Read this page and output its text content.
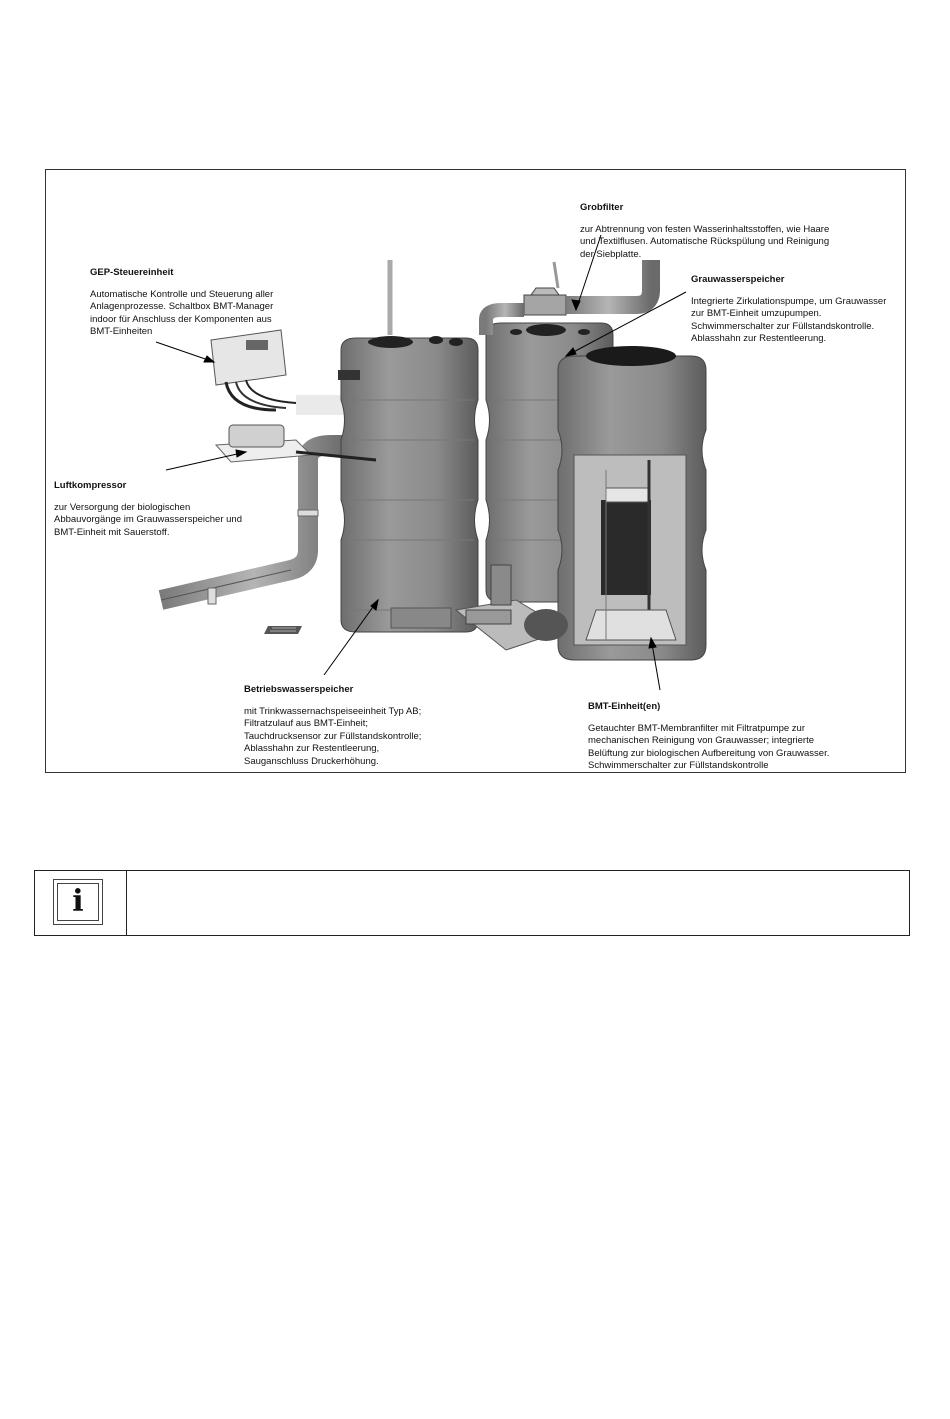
Grobfilter
zur Abtrennung von festen Wasserinhaltsstoffen, wie Haare
und Textilflusen. Automatische Rückspülung und Reinigung
der Siebplatte.
GEP-Steuereinheit
Automatische Kontrolle und Steuerung aller
Anlagenprozesse. Schaltbox BMT-Manager
indoor für Anschluss der Komponenten aus
BMT-Einheiten
Grauwasserspeicher
Integrierte Zirkulationspumpe, um Grauwasser
zur BMT-Einheit umzupumpen.
Schwimmerschalter zur Füllstandskontrolle.
Ablasshahn zur Restentleerung.
Luftkompressor
zur Versorgung der biologischen
Abbauvorgänge im Grauwasserspeicher und
BMT-Einheit mit Sauerstoff.
Betriebswasserspeicher
mit Trinkwassernachspeiseeinheit Typ AB;
Filtratzulauf aus BMT-Einheit;
Tauchdrucksensor zur Füllstandskontrolle;
Ablasshahn zur Restentleerung,
Sauganschluss Druckerhöhung.
BMT-Einheit(en)
Getauchter BMT-Membranfilter mit Filtratpumpe zur
mechanischen Reinigung von Grauwasser; integrierte
Belüftung zur biologischen Aufbereitung von Grauwasser.
Schwimmerschalter zur Füllstandskontrolle
i
